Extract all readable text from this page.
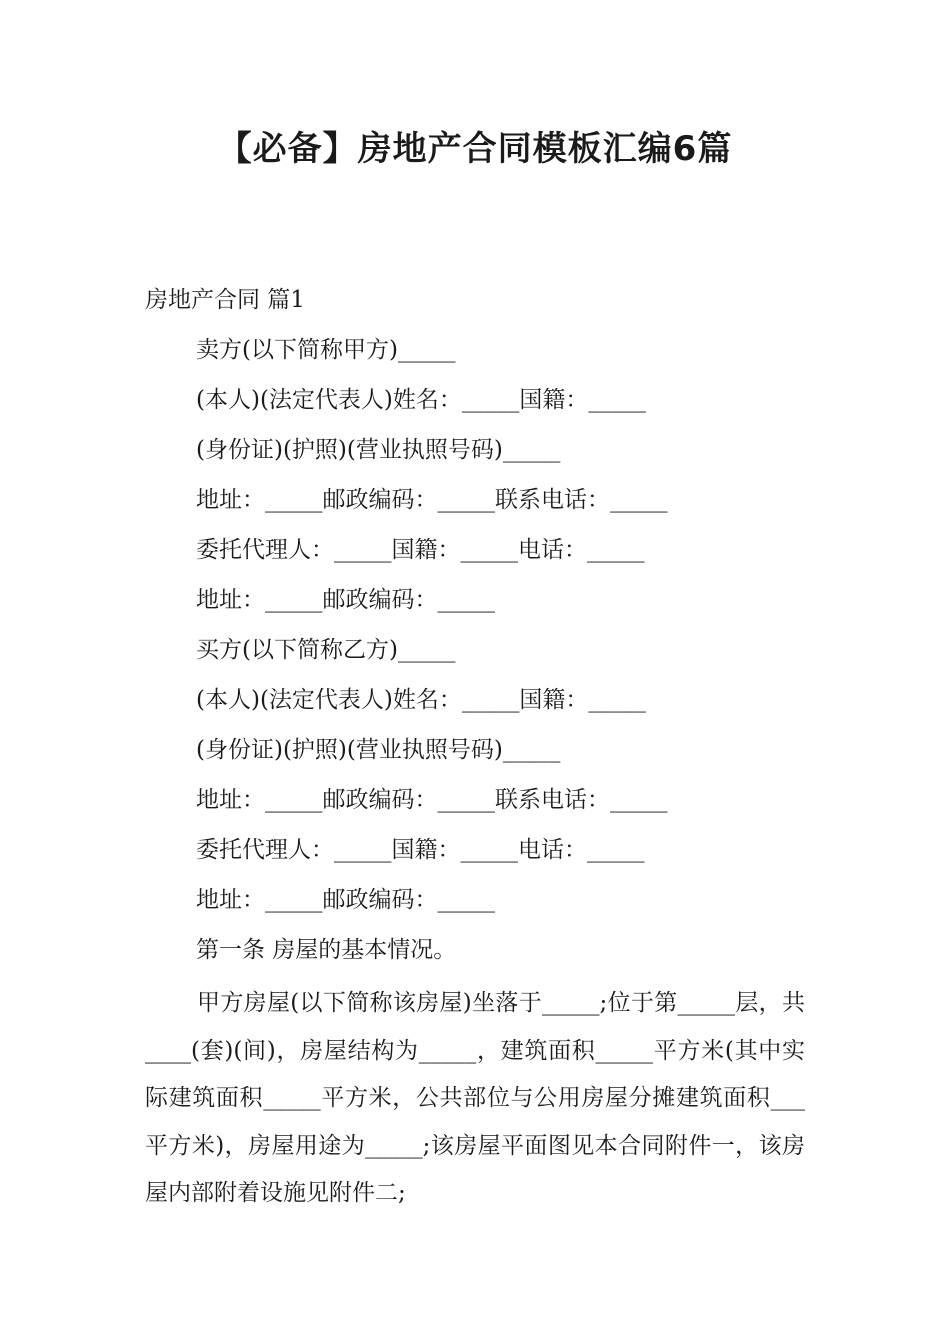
【必备】房地产合同模板汇编6篇
房地产合同 篇1
卖方(以下简称甲方)_____
(本人)(法定代表人)姓名：_____国籍：_____
(身份证)(护照)(营业执照号码)_____
地址：_____邮政编码：_____联系电话：_____
委托代理人：_____国籍：_____电话：_____
地址：_____邮政编码：_____
买方(以下简称乙方)_____
(本人)(法定代表人)姓名：_____国籍：_____
(身份证)(护照)(营业执照号码)_____
地址：_____邮政编码：_____联系电话：_____
委托代理人：_____国籍：_____电话：_____
地址：_____邮政编码：_____
第一条 房屋的基本情况。

甲方房屋(以下简称该房屋)坐落于_____;位于第_____层，共____(套)(间)，房屋结构为_____，建筑面积_____平方米(其中实际建筑面积_____平方米，公共部位与公用房屋分摊建筑面积___平方米)，房屋用途为_____;该房屋平面图见本合同附件一，该房屋内部附着设施见附件二;
